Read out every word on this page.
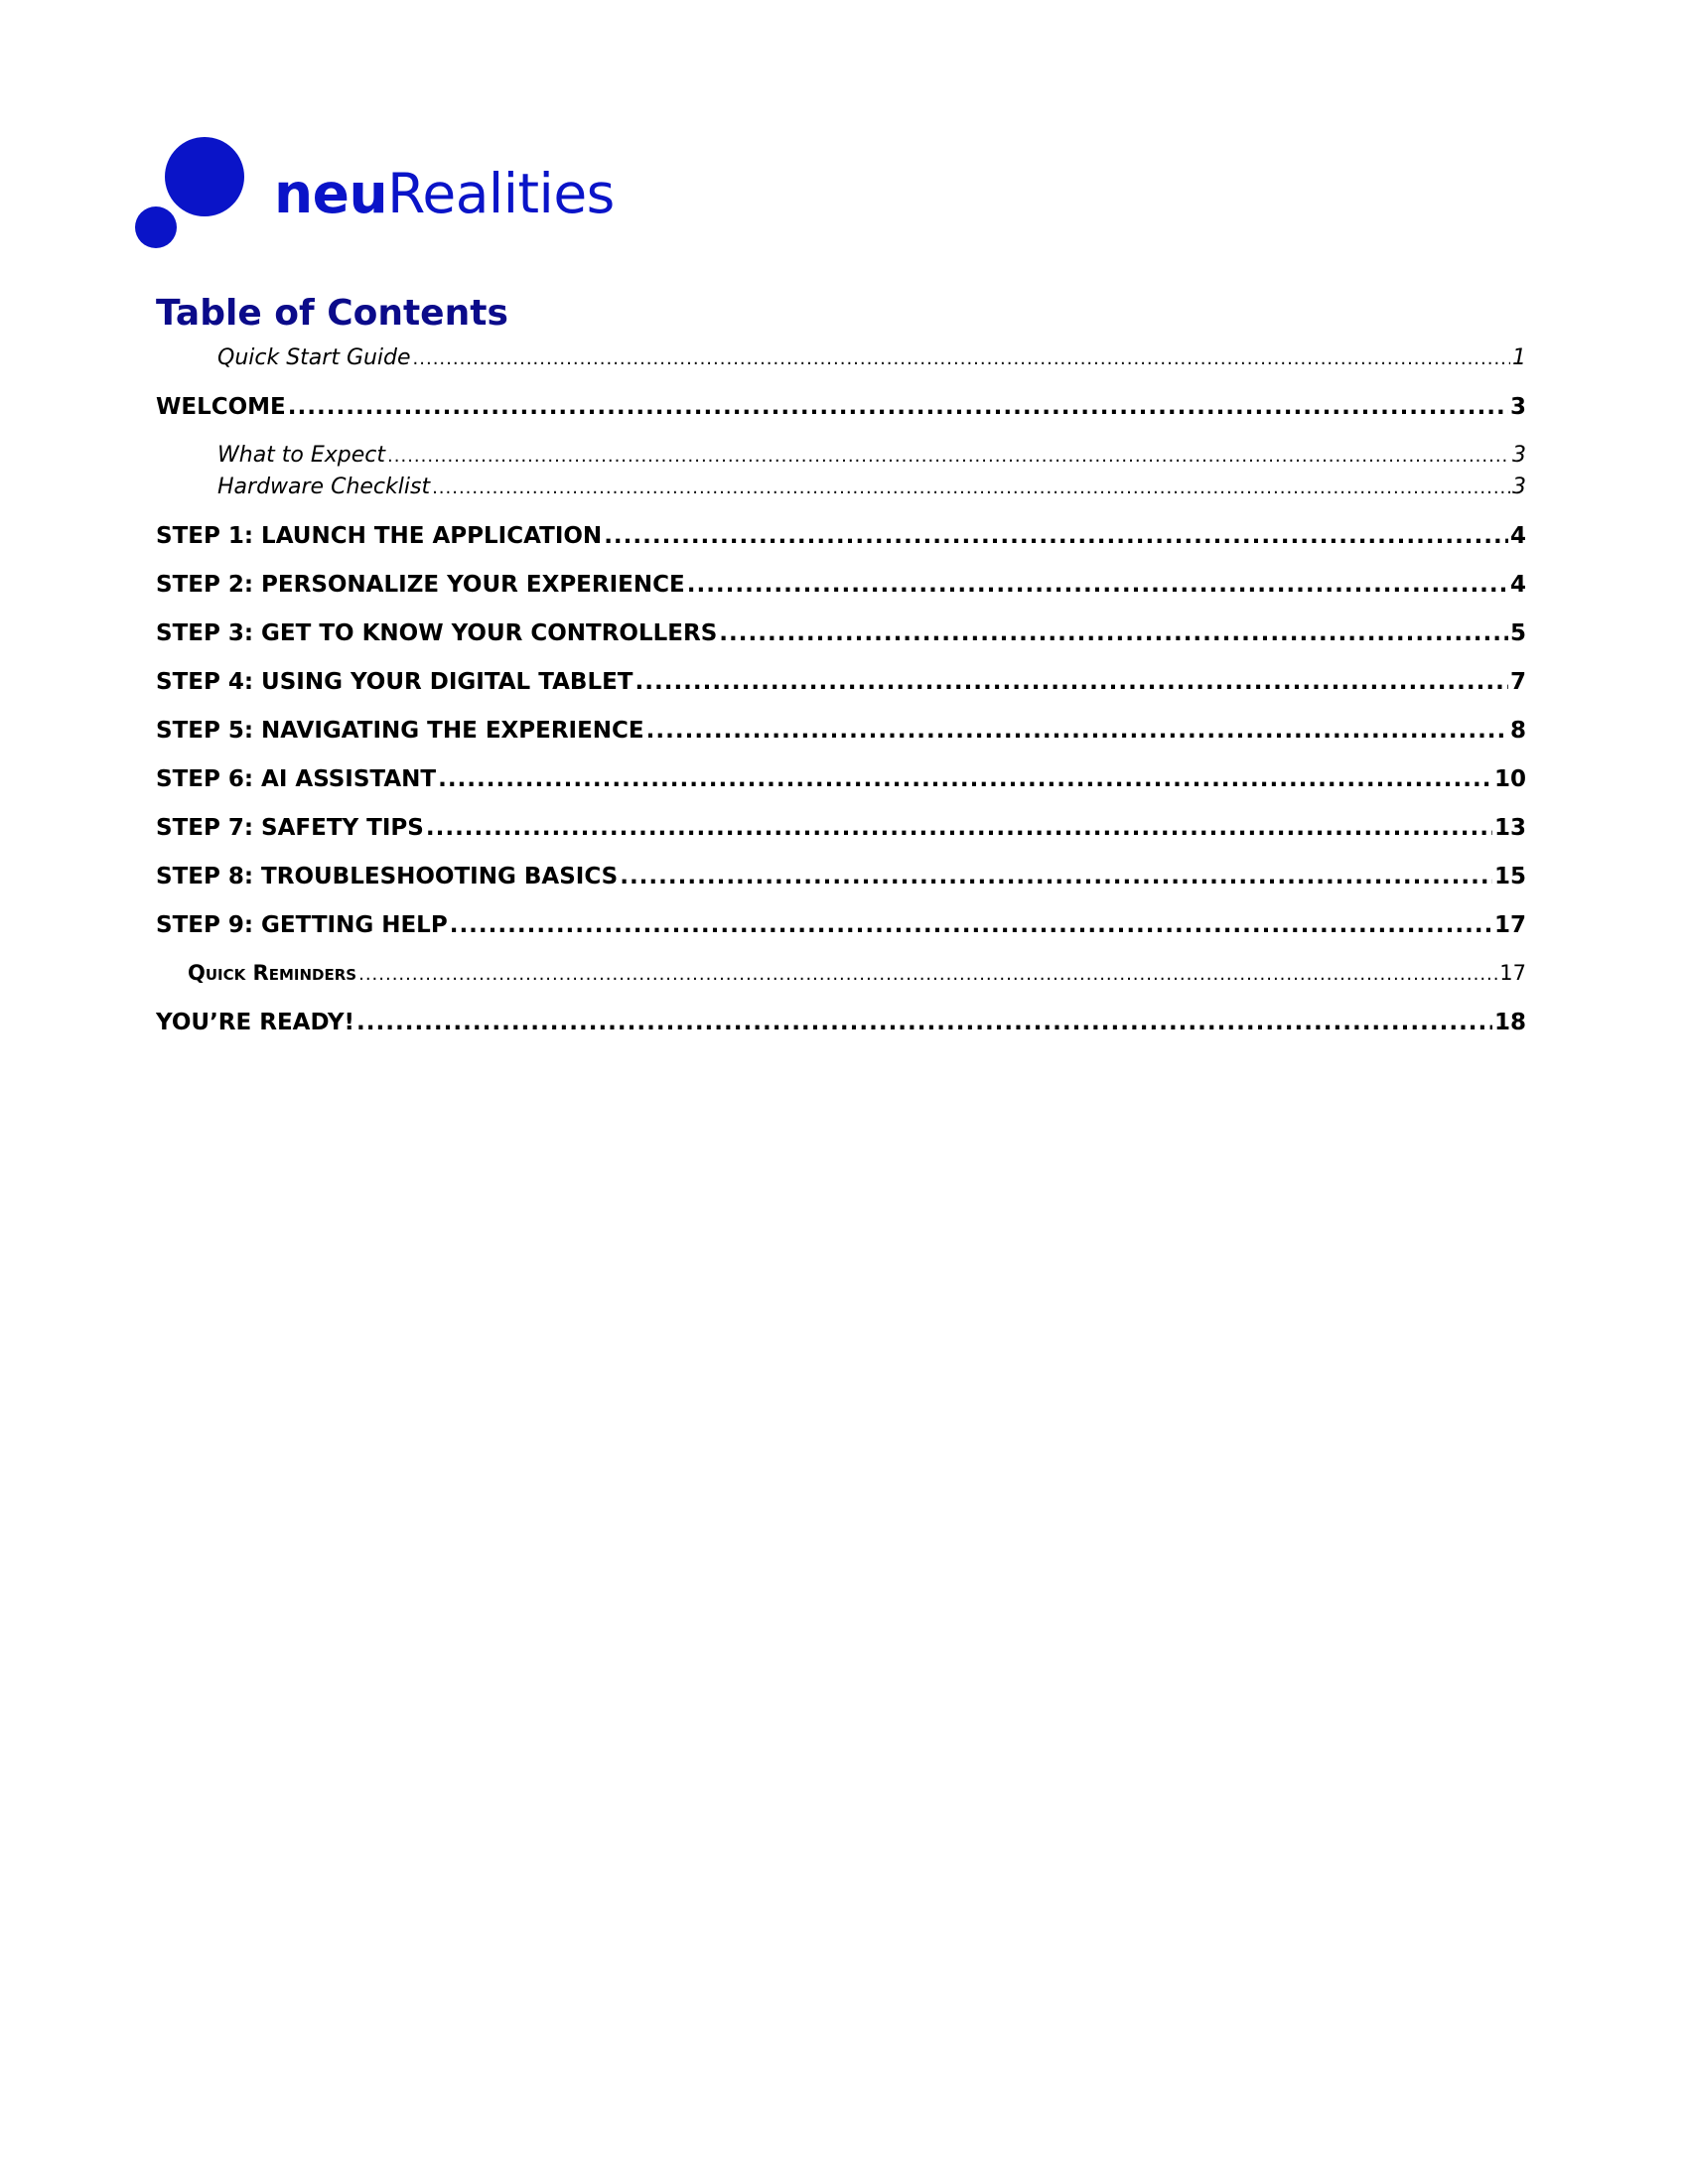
neuRealities
Table of Contents
Quick Start Guide .....	1
WELCOME .....	3
What to Expect .....	3
Hardware Checklist .....	3
STEP 1: LAUNCH THE APPLICATION .....	4
STEP 2: PERSONALIZE YOUR EXPERIENCE .....	4
STEP 3: GET TO KNOW YOUR CONTROLLERS .....	5
STEP 4: USING YOUR DIGITAL TABLET .....	7
STEP 5: NAVIGATING THE EXPERIENCE .....	8
STEP 6: AI ASSISTANT .....	10
STEP 7: SAFETY TIPS .....	13
STEP 8: TROUBLESHOOTING BASICS .....	15
STEP 9: GETTING HELP .....	17
Quick Reminders .....	17
YOU’RE READY! .....	18
